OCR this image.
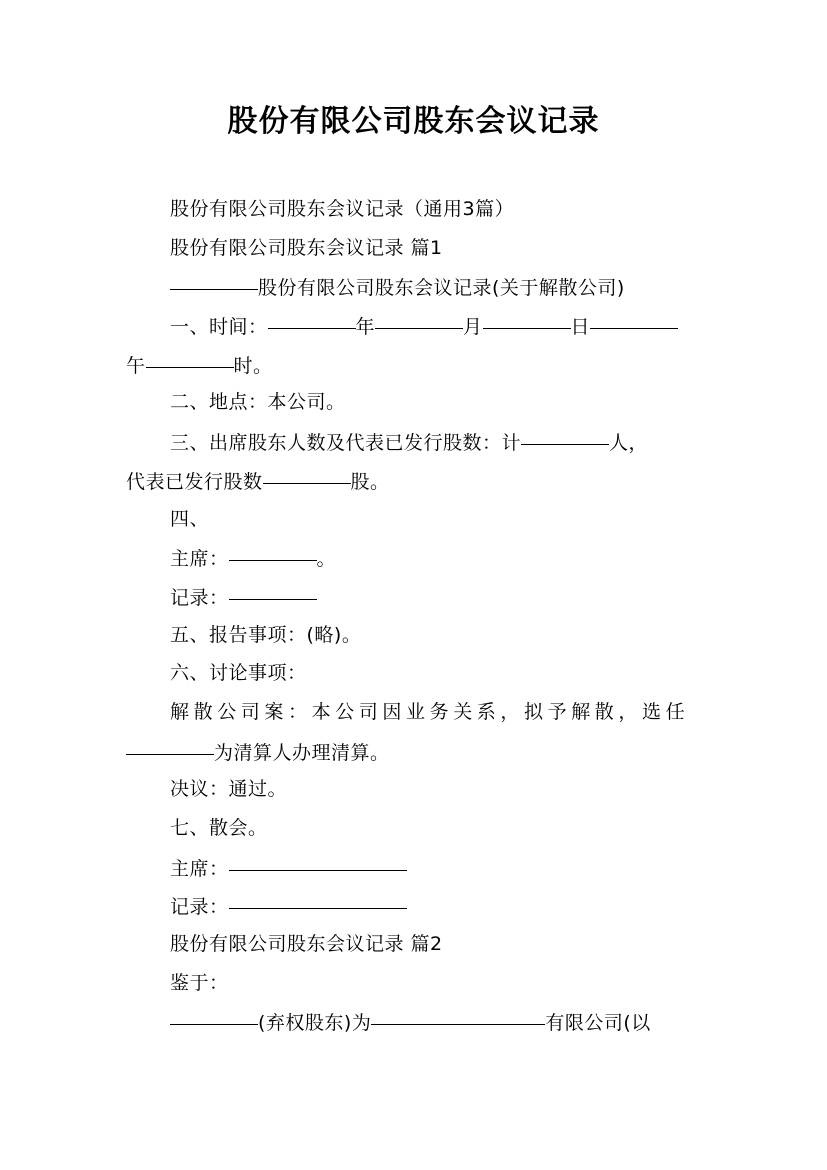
股份有限公司股东会议记录
股份有限公司股东会议记录（通用3篇）
股份有限公司股东会议记录 篇1
股份有限公司股东会议记录(关于解散公司)
一、时间：	年	月	日
午	时。
二、地点：本公司。
三、出席股东人数及代表已发行股数：计	人，
代表已发行股数	股。
四、
主席：	。
记录：
五、报告事项：(略)。
六、讨论事项：
解散公司案：本公司因业务关系，拟予解散，选任
为清算人办理清算。
决议：通过。
七、散会。
主席：
记录：
股份有限公司股东会议记录 篇2
鉴于：
(弃权股东)为	有限公司(以
